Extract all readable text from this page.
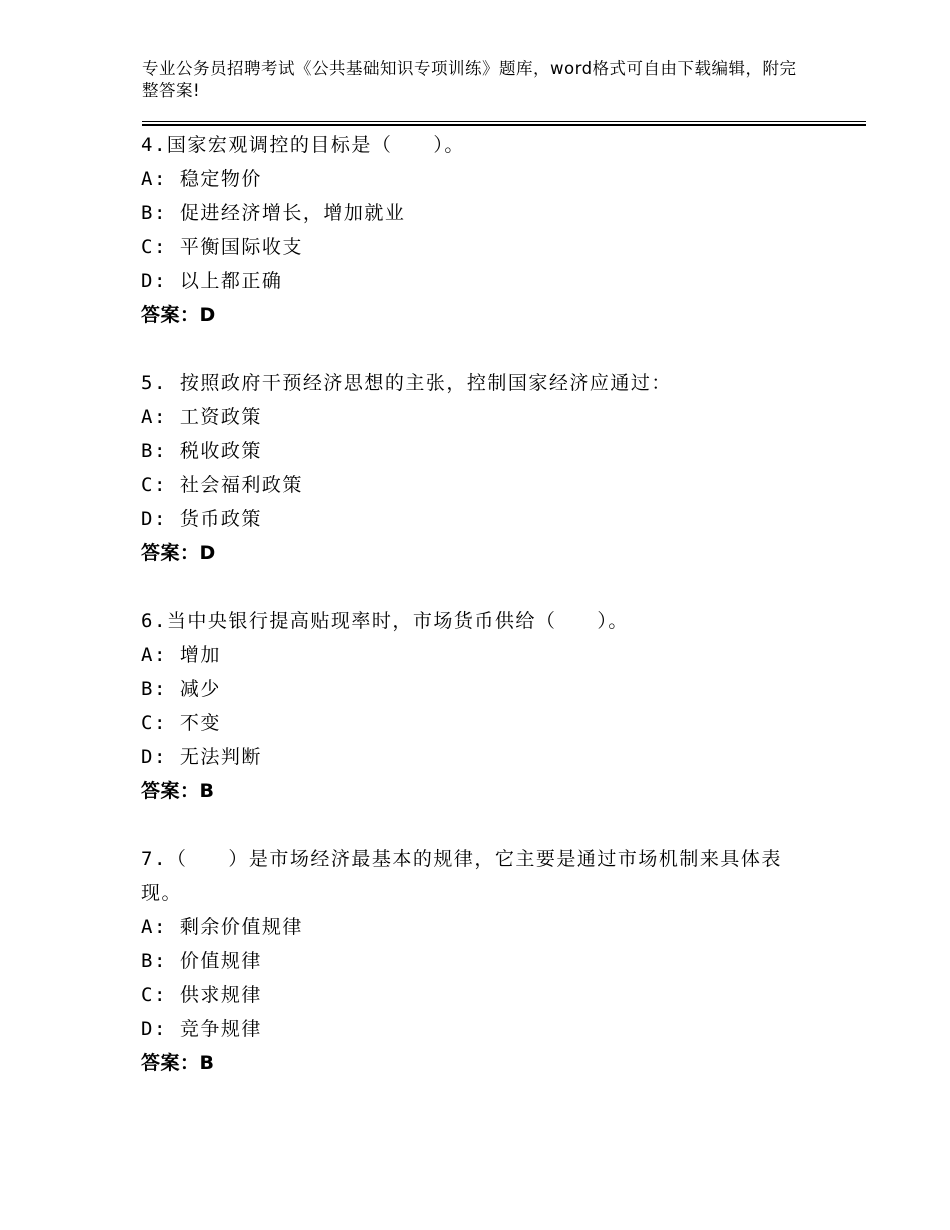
专业公务员招聘考试《公共基础知识专项训练》题库，word格式可自由下载编辑，附完整答案!
4.国家宏观调控的目标是（　　）。
A: 稳定物价
B: 促进经济增长，增加就业
C: 平衡国际收支
D: 以上都正确
答案：D
5. 按照政府干预经济思想的主张，控制国家经济应通过：
A: 工资政策
B: 税收政策
C: 社会福利政策
D: 货币政策
答案：D
6.当中央银行提高贴现率时，市场货币供给（　　）。
A: 增加
B: 减少
C: 不变
D: 无法判断
答案：B
7.（　　）是市场经济最基本的规律，它主要是通过市场机制来具体表现。
A: 剩余价值规律
B: 价值规律
C: 供求规律
D: 竞争规律
答案：B
